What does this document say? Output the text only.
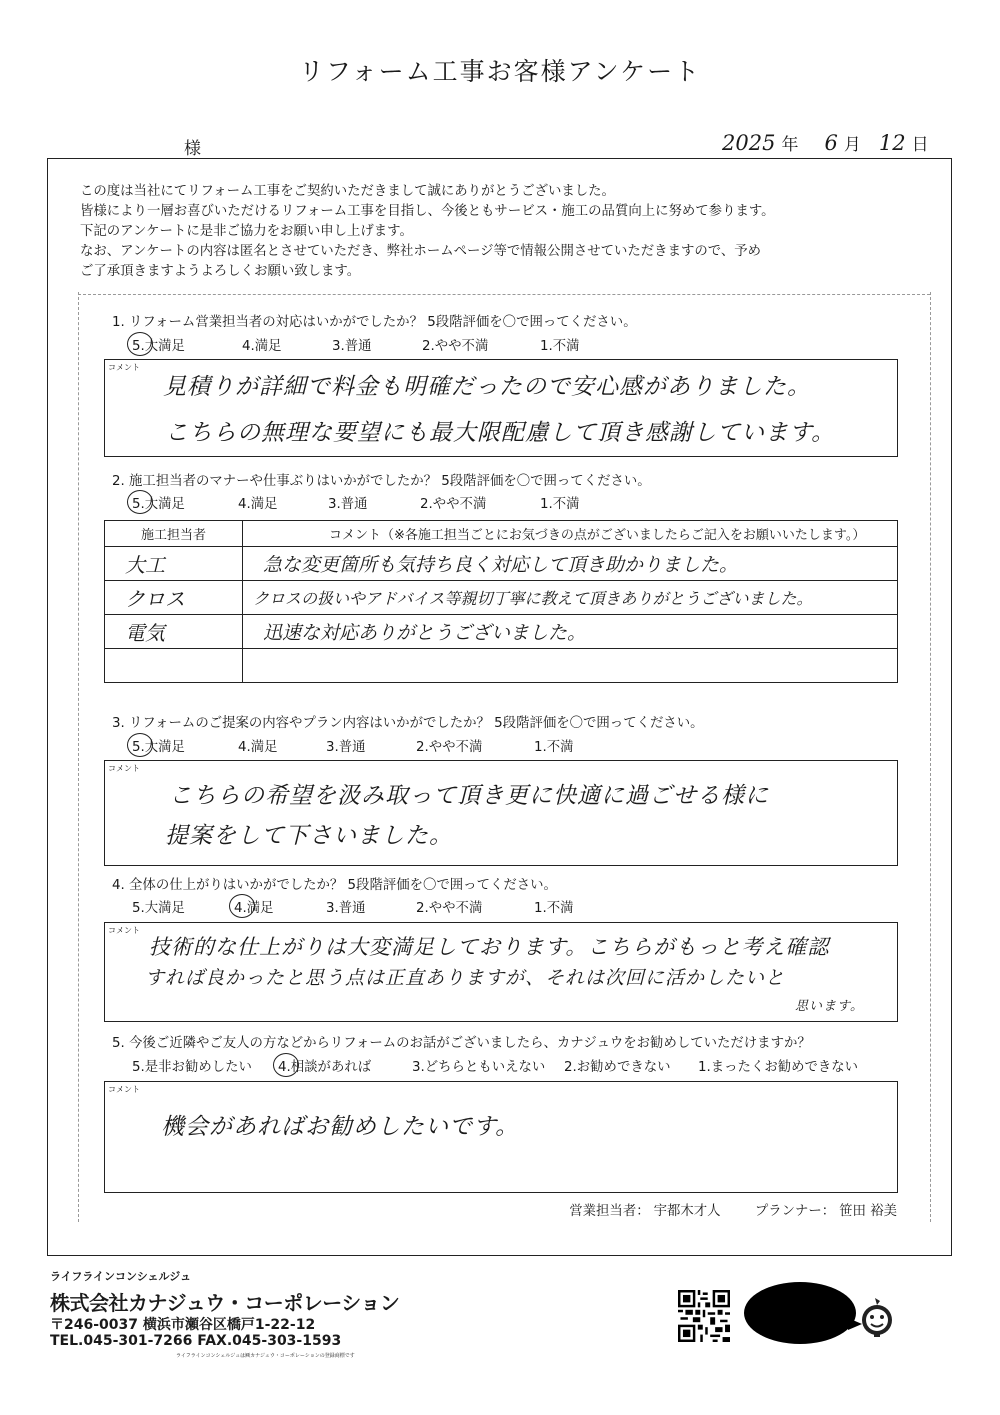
リフォーム工事お客様アンケート
様	2025 年 6 月 12 日
この度は当社にてリフォーム工事をご契約いただきまして誠にありがとうございました。
皆様により一層お喜びいただけるリフォーム工事を目指し、今後ともサービス・施工の品質向上に努めて参ります。
下記のアンケートに是非ご協力をお願い申し上げます。
なお、アンケートの内容は匿名とさせていただき、弊社ホームページ等で情報公開させていただきますので、予め
ご了承頂きますようよろしくお願い致します。
1. リフォーム営業担当者の対応はいかがでしたか？ 5段階評価を〇で囲ってください。
5.大満足	4.満足	3.普通	2.やや不満	1.不満
コメント
見積りが詳細で料金も明確だったので安心感がありました。
こちらの無理な要望にも最大限配慮して頂き感謝しています。
2. 施工担当者のマナーや仕事ぶりはいかがでしたか？ 5段階評価を〇で囲ってください。
5.大満足	4.満足	3.普通	2.やや不満	1.不満
施工担当者	コメント（※各施工担当ごとにお気づきの点がございましたらご記入をお願いいたします。）
大工	急な変更箇所も気持ち良く対応して頂き助かりました。
クロス	クロスの扱いやアドバイス等親切丁寧に教えて頂きありがとうございました。
電気	迅速な対応ありがとうございました。

3. リフォームのご提案の内容やプラン内容はいかがでしたか？ 5段階評価を〇で囲ってください。
5.大満足	4.満足	3.普通	2.やや不満	1.不満
コメント
こちらの希望を汲み取って頂き更に快適に過ごせる様に
提案をして下さいました。
4. 全体の仕上がりはいかがでしたか？ 5段階評価を〇で囲ってください。
5.大満足	4.満足	3.普通	2.やや不満	1.不満
コメント
技術的な仕上がりは大変満足しております。こちらがもっと考え確認
すれば良かったと思う点は正直ありますが、それは次回に活かしたいと
思います。
5. 今後ご近隣やご友人の方などからリフォームのお話がございましたら、カナジュウをお勧めしていただけますか？
5.是非お勧めしたい	4.相談があれば	3.どちらともいえない	2.お勧めできない	1.まったくお勧めできない
コメント
機会があればお勧めしたいです。
営業担当者： 宇都木才人	プランナー： 笹田 裕美
ライフラインコンシェルジュ
株式会社カナジュウ・コーポレーション
〒246-0037 横浜市瀬谷区橋戸1-22-12
TEL.045-301-7266 FAX.045-303-1593
ライフラインコンシェルジュは㈱カナジュウ・コーポレーションの登録商標です
